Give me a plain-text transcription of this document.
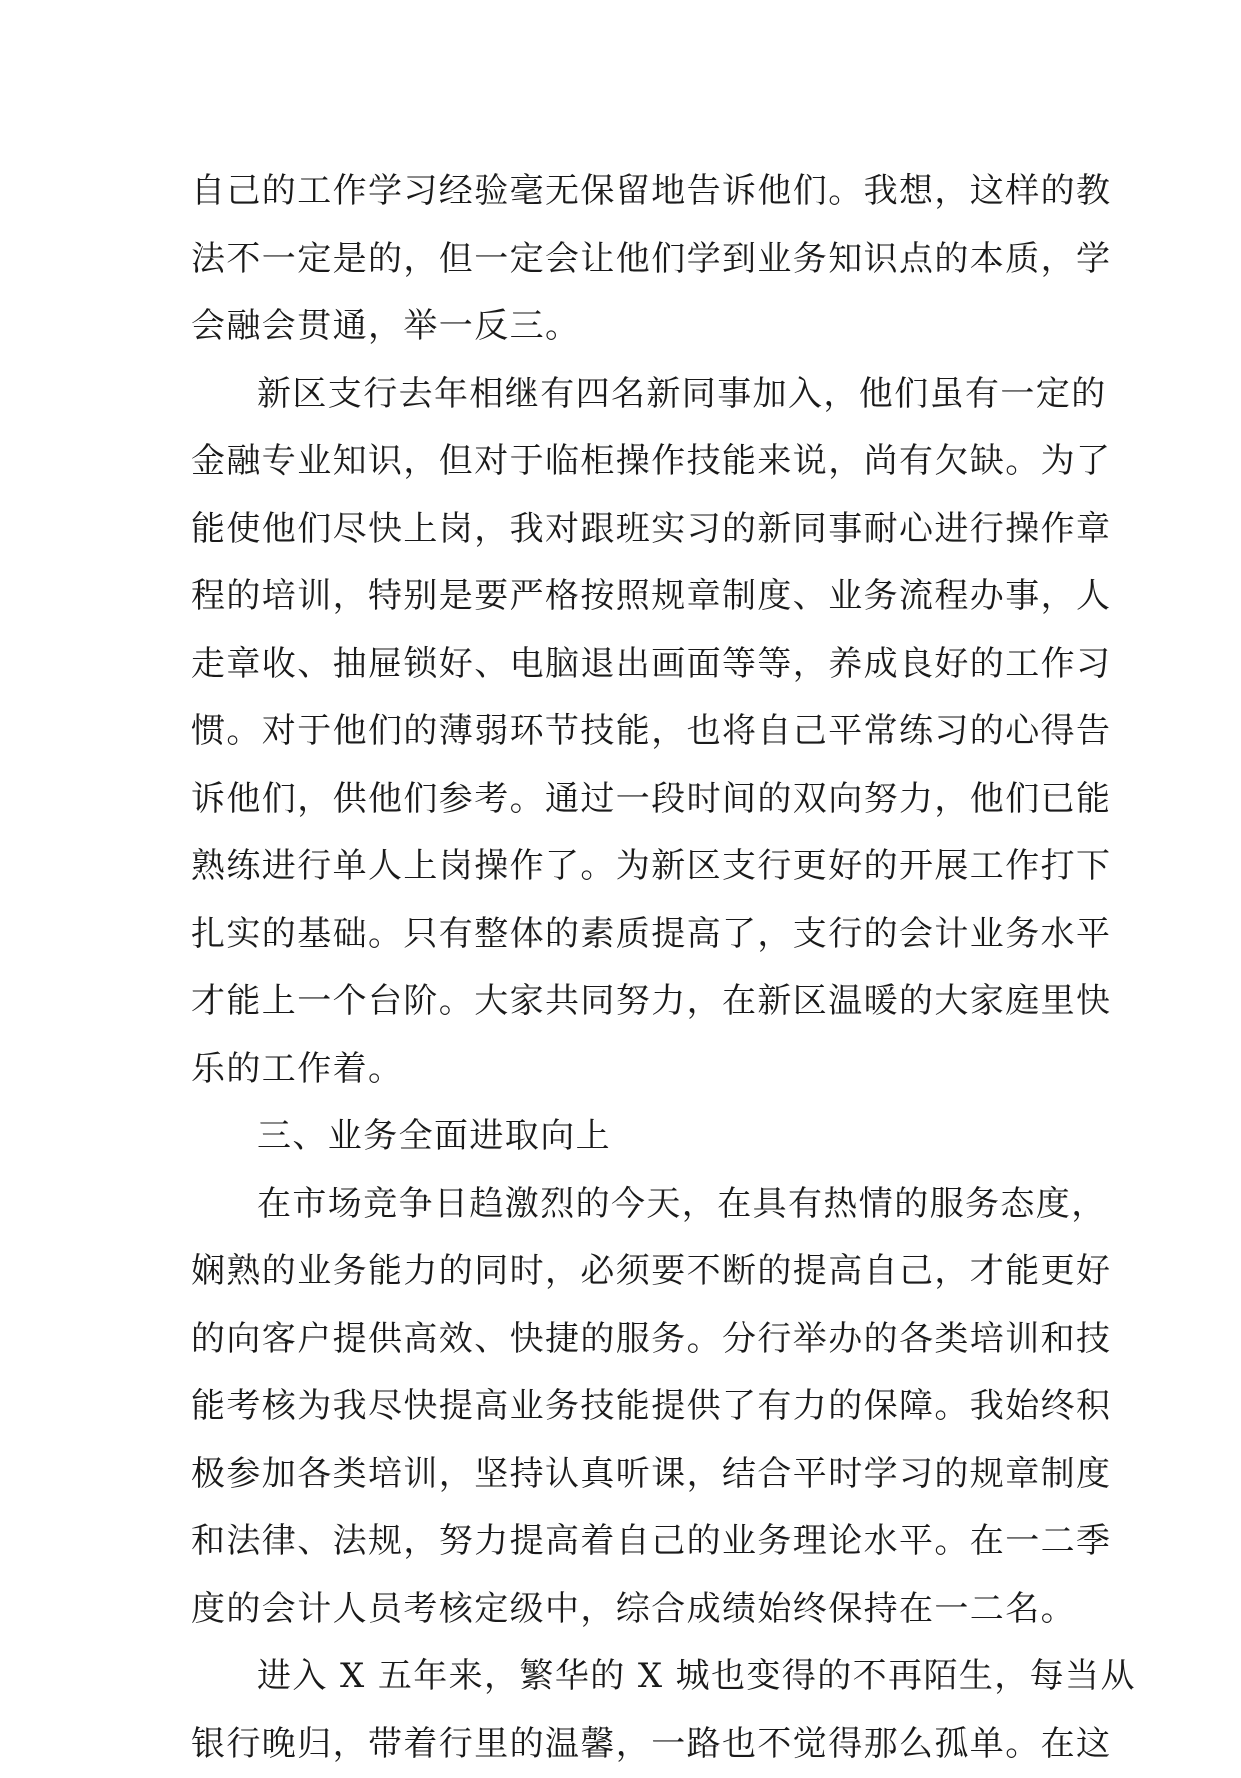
自己的工作学习经验毫无保留地告诉他们。我想，这样的教
法不一定是的，但一定会让他们学到业务知识点的本质，学
会融会贯通，举一反三。
新区支行去年相继有四名新同事加入，他们虽有一定的
金融专业知识，但对于临柜操作技能来说，尚有欠缺。为了
能使他们尽快上岗，我对跟班实习的新同事耐心进行操作章
程的培训，特别是要严格按照规章制度、业务流程办事，人
走章收、抽屉锁好、电脑退出画面等等，养成良好的工作习
惯。对于他们的薄弱环节技能，也将自己平常练习的心得告
诉他们，供他们参考。通过一段时间的双向努力，他们已能
熟练进行单人上岗操作了。为新区支行更好的开展工作打下
扎实的基础。只有整体的素质提高了，支行的会计业务水平
才能上一个台阶。大家共同努力，在新区温暖的大家庭里快
乐的工作着。
三、业务全面进取向上
在市场竞争日趋激烈的今天，在具有热情的服务态度，
娴熟的业务能力的同时，必须要不断的提高自己，才能更好
的向客户提供高效、快捷的服务。分行举办的各类培训和技
能考核为我尽快提高业务技能提供了有力的保障。我始终积
极参加各类培训，坚持认真听课，结合平时学习的规章制度
和法律、法规，努力提高着自己的业务理论水平。在一二季
度的会计人员考核定级中，综合成绩始终保持在一二名。
进入 X 五年来，繁华的 X 城也变得的不再陌生，每当从
银行晚归，带着行里的温馨，一路也不觉得那么孤单。在这
